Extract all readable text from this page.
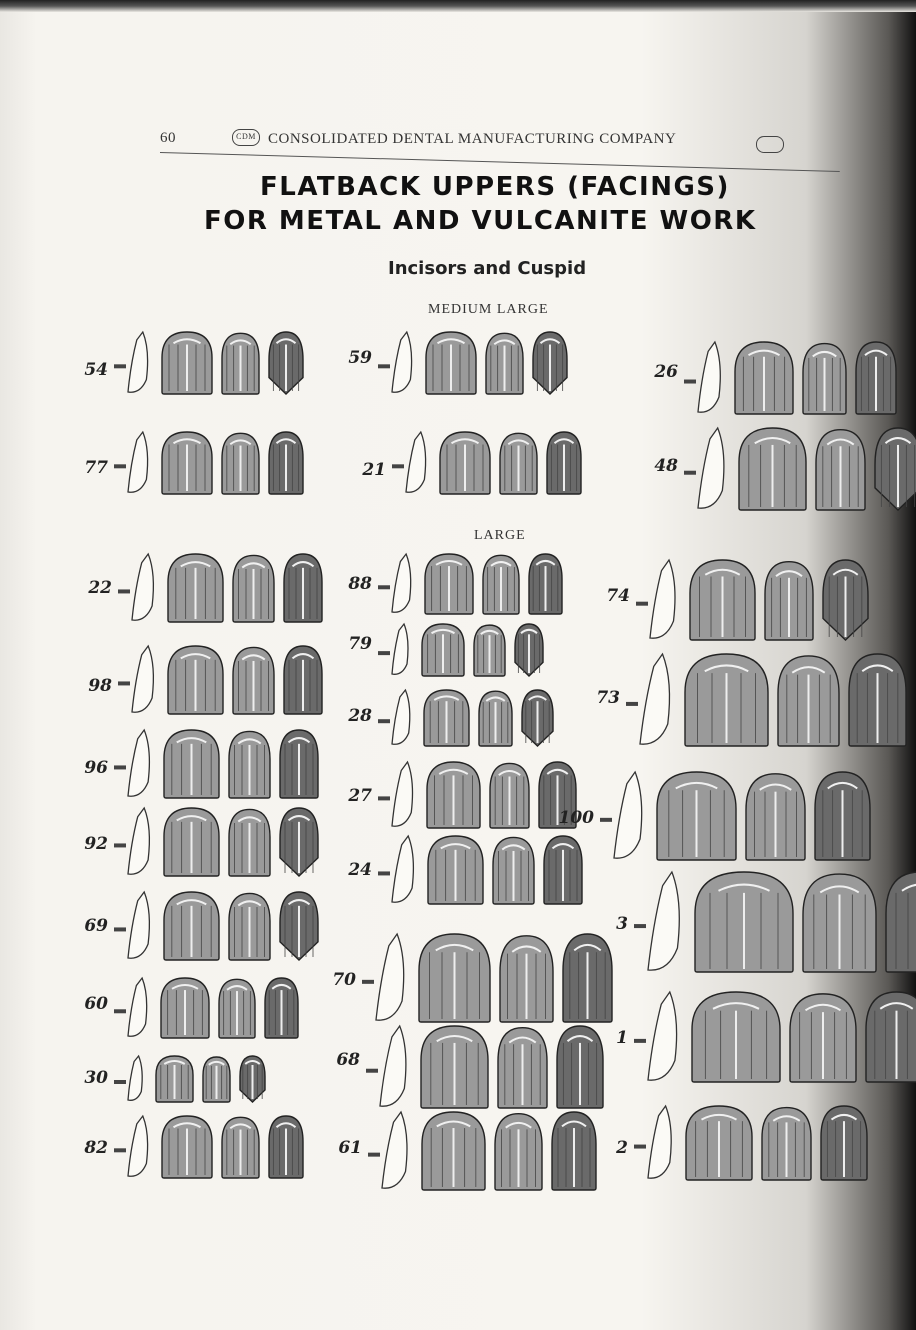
60	CDM CONSOLIDATED DENTAL MANUFACTURING COMPANY
FLATBACK UPPERS (FACINGS)
FOR METAL AND VULCANITE WORK
Incisors and Cuspid
MEDIUM LARGE
LARGE
54
77
59
21
26
48
22
98
96
92
69
60
30
82
88
79
28
27
24
70
68
61
74
73
100
3
1
2
